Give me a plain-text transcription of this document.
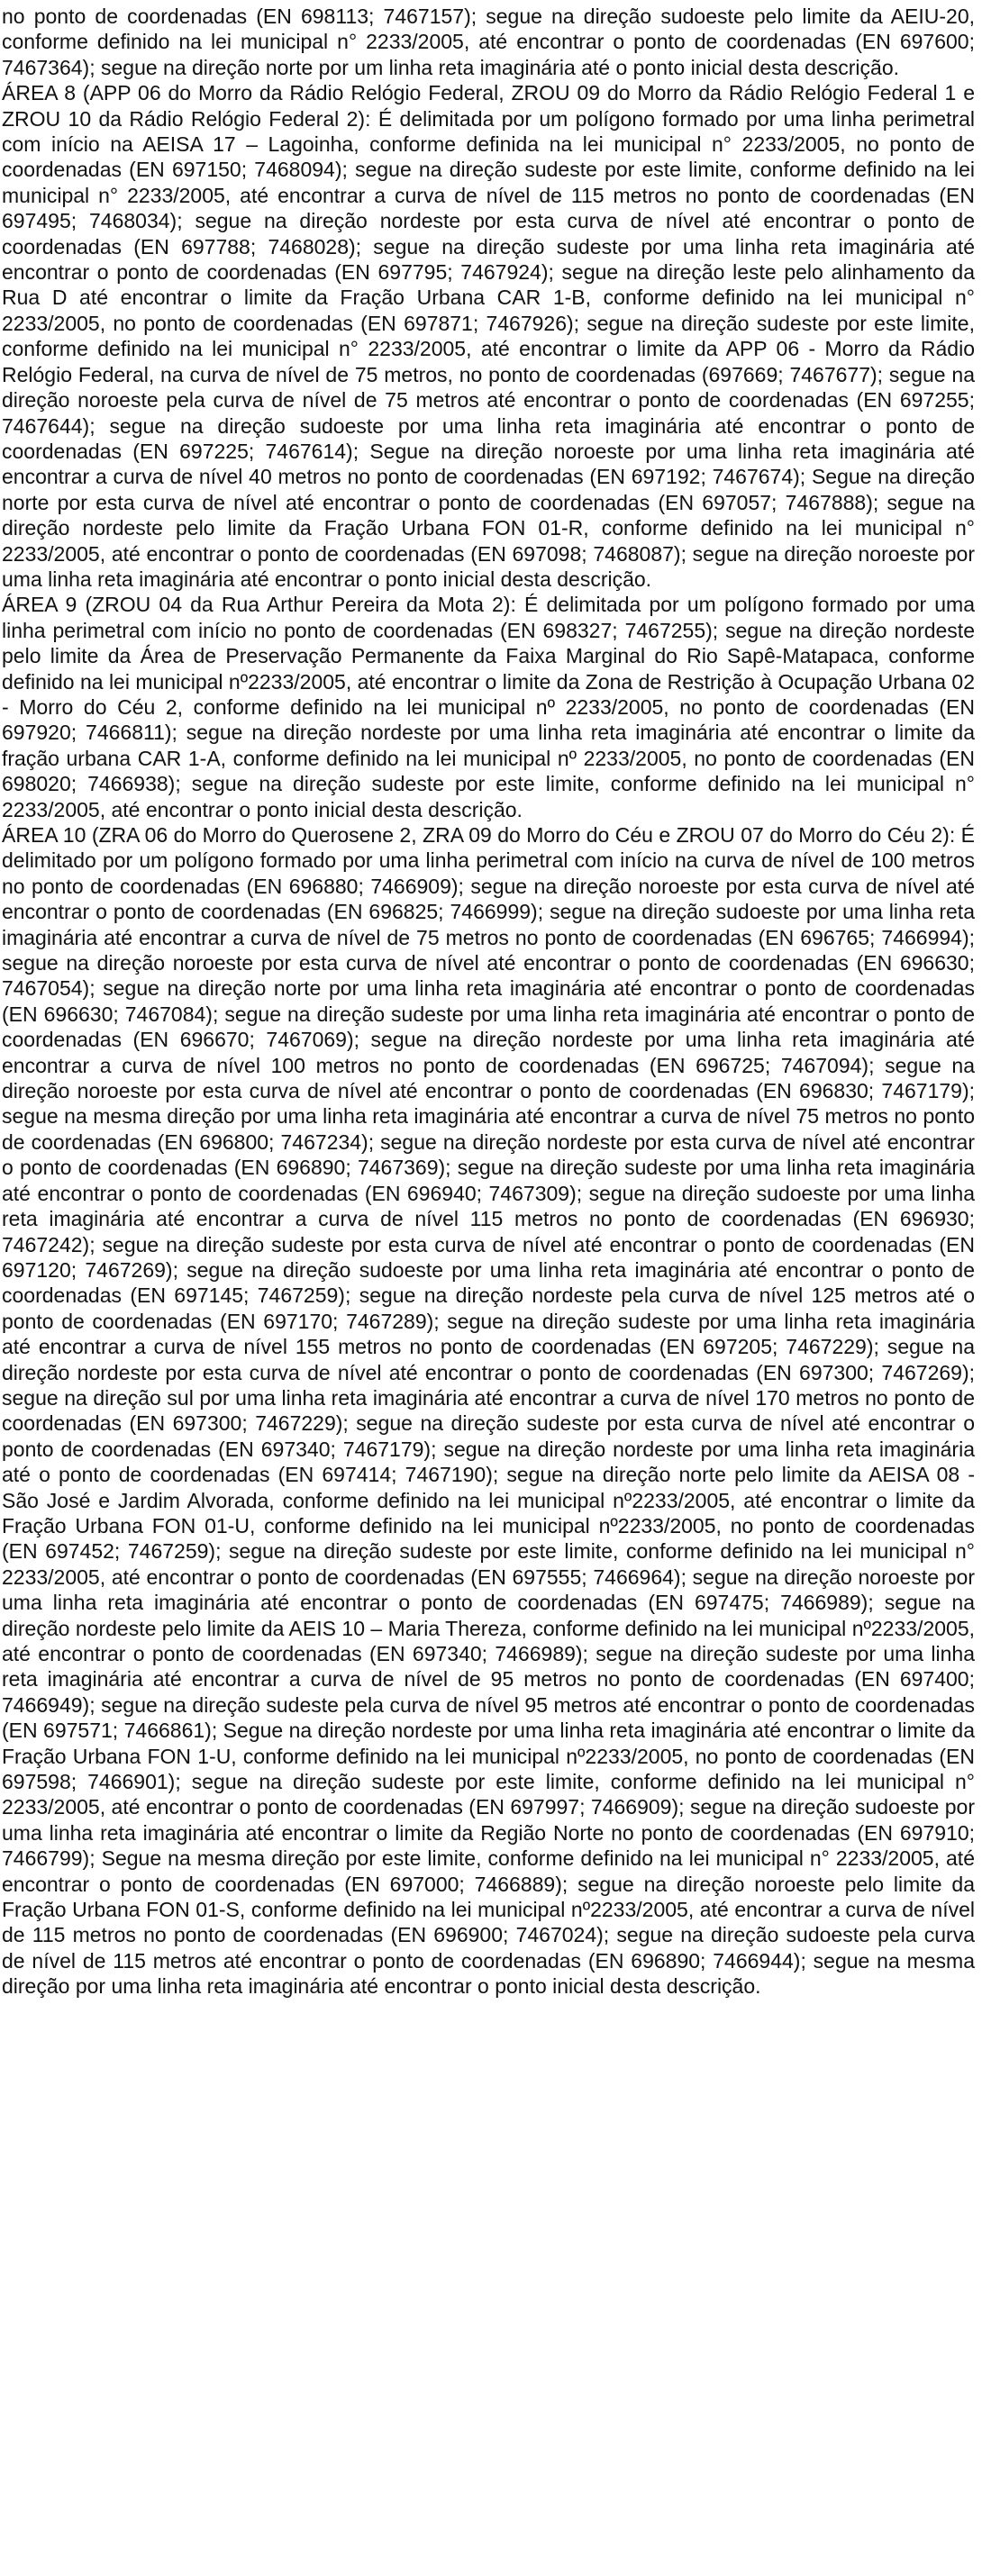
no ponto de coordenadas (EN 698113; 7467157); segue na direção sudoeste pelo limite da AEIU-20, conforme definido na lei municipal n° 2233/2005, até encontrar o ponto de coordenadas (EN 697600; 7467364); segue na direção norte por um linha reta imaginária até o ponto inicial desta descrição.

ÁREA 8 (APP 06 do Morro da Rádio Relógio Federal, ZROU 09 do Morro da Rádio Relógio Federal 1 e ZROU 10 da Rádio Relógio Federal 2): É delimitada por um polígono formado por uma linha perimetral com início na AEISA 17 – Lagoinha, conforme definida na lei municipal n° 2233/2005, no ponto de coordenadas (EN 697150; 7468094); segue na direção sudeste por este limite, conforme definido na lei municipal n° 2233/2005, até encontrar a curva de nível de 115 metros no ponto de coordenadas (EN 697495; 7468034); segue na direção nordeste por esta curva de nível até encontrar o ponto de coordenadas (EN 697788; 7468028); segue na direção sudeste por uma linha reta imaginária até encontrar o ponto de coordenadas (EN 697795; 7467924); segue na direção leste pelo alinhamento da Rua D até encontrar o limite da Fração Urbana CAR 1-B, conforme definido na lei municipal n° 2233/2005, no ponto de coordenadas (EN 697871; 7467926); segue na direção sudeste por este limite, conforme definido na lei municipal n° 2233/2005, até encontrar o limite da APP 06 - Morro da Rádio Relógio Federal, na curva de nível de 75 metros, no ponto de coordenadas (697669; 7467677); segue na direção noroeste pela curva de nível de 75 metros até encontrar o ponto de coordenadas (EN 697255; 7467644); segue na direção sudoeste por uma linha reta imaginária até encontrar o ponto de coordenadas (EN 697225; 7467614); Segue na direção noroeste por uma linha reta imaginária até encontrar a curva de nível 40 metros no ponto de coordenadas (EN 697192; 7467674); Segue na direção norte por esta curva de nível até encontrar o ponto de coordenadas (EN 697057; 7467888); segue na direção nordeste pelo limite da Fração Urbana FON 01-R, conforme definido na lei municipal n° 2233/2005, até encontrar o ponto de coordenadas (EN 697098; 7468087); segue na direção noroeste por uma linha reta imaginária até encontrar o ponto inicial desta descrição.

ÁREA 9 (ZROU 04 da Rua Arthur Pereira da Mota 2): É delimitada por um polígono formado por uma linha perimetral com início no ponto de coordenadas (EN 698327; 7467255); segue na direção nordeste pelo limite da Área de Preservação Permanente da Faixa Marginal do Rio Sapê-Matapaca, conforme definido na lei municipal nº2233/2005, até encontrar o limite da Zona de Restrição à Ocupação Urbana 02 - Morro do Céu 2, conforme definido na lei municipal nº 2233/2005, no ponto de coordenadas (EN 697920; 7466811); segue na direção nordeste por uma linha reta imaginária até encontrar o limite da fração urbana CAR 1-A, conforme definido na lei municipal nº 2233/2005, no ponto de coordenadas (EN 698020; 7466938); segue na direção sudeste por este limite, conforme definido na lei municipal n° 2233/2005, até encontrar o ponto inicial desta descrição.

ÁREA 10 (ZRA 06 do Morro do Querosene 2, ZRA 09 do Morro do Céu e ZROU 07 do Morro do Céu 2): É delimitado por um polígono formado por uma linha perimetral com início na curva de nível de 100 metros no ponto de coordenadas (EN 696880; 7466909); segue na direção noroeste por esta curva de nível até encontrar o ponto de coordenadas (EN 696825; 7466999); segue na direção sudoeste por uma linha reta imaginária até encontrar a curva de nível de 75 metros no ponto de coordenadas (EN 696765; 7466994); segue na direção noroeste por esta curva de nível até encontrar o ponto de coordenadas (EN 696630; 7467054); segue na direção norte por uma linha reta imaginária até encontrar o ponto de coordenadas (EN 696630; 7467084); segue na direção sudeste por uma linha reta imaginária até encontrar o ponto de coordenadas (EN 696670; 7467069); segue na direção nordeste por uma linha reta imaginária até encontrar a curva de nível 100 metros no ponto de coordenadas (EN 696725; 7467094); segue na direção noroeste por esta curva de nível até encontrar o ponto de coordenadas (EN 696830; 7467179); segue na mesma direção por uma linha reta imaginária até encontrar a curva de nível 75 metros no ponto de coordenadas (EN 696800; 7467234); segue na direção nordeste por esta curva de nível até encontrar o ponto de coordenadas (EN 696890; 7467369); segue na direção sudeste por uma linha reta imaginária até encontrar o ponto de coordenadas (EN 696940; 7467309); segue na direção sudoeste por uma linha reta imaginária até encontrar a curva de nível 115 metros no ponto de coordenadas (EN 696930; 7467242); segue na direção sudeste por esta curva de nível até encontrar o ponto de coordenadas (EN 697120; 7467269); segue na direção sudoeste por uma linha reta imaginária até encontrar o ponto de coordenadas (EN 697145; 7467259); segue na direção nordeste pela curva de nível 125 metros até o ponto de coordenadas (EN 697170; 7467289); segue na direção sudeste por uma linha reta imaginária até encontrar a curva de nível 155 metros no ponto de coordenadas (EN 697205; 7467229); segue na direção nordeste por esta curva de nível até encontrar o ponto de coordenadas (EN 697300; 7467269); segue na direção sul por uma linha reta imaginária até encontrar a curva de nível 170 metros no ponto de coordenadas (EN 697300; 7467229); segue na direção sudeste por esta curva de nível até encontrar o ponto de coordenadas (EN 697340; 7467179); segue na direção nordeste por uma linha reta imaginária até o ponto de coordenadas (EN 697414; 7467190); segue na direção norte pelo limite da AEISA 08 - São José e Jardim Alvorada, conforme definido na lei municipal nº2233/2005, até encontrar o limite da Fração Urbana FON 01-U, conforme definido na lei municipal nº2233/2005, no ponto de coordenadas (EN 697452; 7467259); segue na direção sudeste por este limite, conforme definido na lei municipal n° 2233/2005, até encontrar o ponto de coordenadas (EN 697555; 7466964); segue na direção noroeste por uma linha reta imaginária até encontrar o ponto de coordenadas (EN 697475; 7466989); segue na direção nordeste pelo limite da AEIS 10 – Maria Thereza, conforme definido na lei municipal nº2233/2005, até encontrar o ponto de coordenadas (EN 697340; 7466989); segue na direção sudeste por uma linha reta imaginária até encontrar a curva de nível de 95 metros no ponto de coordenadas (EN 697400; 7466949); segue na direção sudeste pela curva de nível 95 metros até encontrar o ponto de coordenadas (EN 697571; 7466861); Segue na direção nordeste por uma linha reta imaginária até encontrar o limite da Fração Urbana FON 1-U, conforme definido na lei municipal nº2233/2005, no ponto de coordenadas (EN 697598; 7466901); segue na direção sudeste por este limite, conforme definido na lei municipal n° 2233/2005, até encontrar o ponto de coordenadas (EN 697997; 7466909); segue na direção sudoeste por uma linha reta imaginária até encontrar o limite da Região Norte no ponto de coordenadas (EN 697910; 7466799); Segue na mesma direção por este limite, conforme definido na lei municipal n° 2233/2005, até encontrar o ponto de coordenadas (EN 697000; 7466889); segue na direção noroeste pelo limite da Fração Urbana FON 01-S, conforme definido na lei municipal nº2233/2005, até encontrar a curva de nível de 115 metros no ponto de coordenadas (EN 696900; 7467024); segue na direção sudoeste pela curva de nível de 115 metros até encontrar o ponto de coordenadas (EN 696890; 7466944); segue na mesma direção por uma linha reta imaginária até encontrar o ponto inicial desta descrição.
